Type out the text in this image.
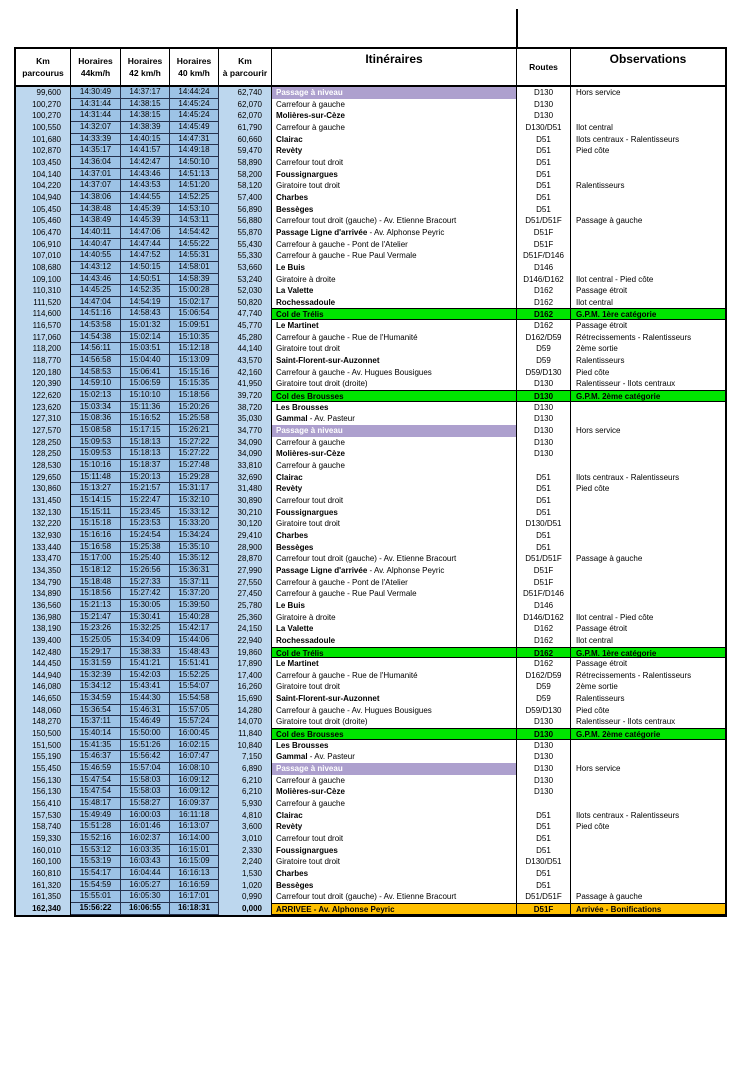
Km
parcourus
Horaires
44km/h
Horaires
42 km/h
Horaires
40 km/h
Km
à parcourir
Itinéraires
Routes
Observations
99,600	14:30:49	14:37:17	14:44:24	62,740	Passage à niveau	D130	Hors service
100,270	14:31:44	14:38:15	14:45:24	62,070	Carrefour à gauche	D130
100,270	14:31:44	14:38:15	14:45:24	62,070	Molières-sur-Cèze	D130
100,550	14:32:07	14:38:39	14:45:49	61,790	Carrefour à gauche	D130/D51	Ilot central
101,680	14:33:39	14:40:15	14:47:31	60,660	Clairac	D51	Ilots centraux - Ralentisseurs
102,870	14:35:17	14:41:57	14:49:18	59,470	Revèty	D51	Pied côte
103,450	14:36:04	14:42:47	14:50:10	58,890	Carrefour tout droit	D51
104,140	14:37:01	14:43:46	14:51:13	58,200	Foussignargues	D51
104,220	14:37:07	14:43:53	14:51:20	58,120	Giratoire tout droit	D51	Ralentisseurs
104,940	14:38:06	14:44:55	14:52:25	57,400	Charbes	D51
105,450	14:38:48	14:45:39	14:53:10	56,890	Bessèges	D51
105,460	14:38:49	14:45:39	14:53:11	56,880	Carrefour tout droit (gauche) - Av. Etienne Bracourt	D51/D51F	Passage à gauche
106,470	14:40:11	14:47:06	14:54:42	55,870	Passage Ligne d'arrivée - Av. Alphonse Peyric	D51F
106,910	14:40:47	14:47:44	14:55:22	55,430	Carrefour à gauche - Pont de l'Atelier	D51F
107,010	14:40:55	14:47:52	14:55:31	55,330	Carrefour à gauche - Rue Paul Vermale	D51F/D146
108,680	14:43:12	14:50:15	14:58:01	53,660	Le Buis	D146
109,100	14:43:46	14:50:51	14:58:39	53,240	Giratoire à droite	D146/D162	Ilot central - Pied côte
110,310	14:45:25	14:52:35	15:00:28	52,030	La Valette	D162	Passage étroit
111,520	14:47:04	14:54:19	15:02:17	50,820	Rochessadoule	D162	Ilot central
114,600	14:51:16	14:58:43	15:06:54	47,740	Col de Trélis	D162	G.P.M. 1ère catégorie
116,570	14:53:58	15:01:32	15:09:51	45,770	Le Martinet	D162	Passage étroit
117,060	14:54:38	15:02:14	15:10:35	45,280	Carrefour à gauche - Rue de l'Humanité	D162/D59	Rétrecissements - Ralentisseurs
118,200	14:56:11	15:03:51	15:12:18	44,140	Giratoire tout droit	D59	2ème sortie
118,770	14:56:58	15:04:40	15:13:09	43,570	Saint-Florent-sur-Auzonnet	D59	Ralentisseurs
120,180	14:58:53	15:06:41	15:15:16	42,160	Carrefour à gauche - Av. Hugues Bousigues	D59/D130	Pied côte
120,390	14:59:10	15:06:59	15:15:35	41,950	Giratoire tout droit (droite)	D130	Ralentisseur - Ilots centraux
122,620	15:02:13	15:10:10	15:18:56	39,720	Col des Brousses	D130	G.P.M. 2ème catégorie
123,620	15:03:34	15:11:36	15:20:26	38,720	Les Brousses	D130
127,310	15:08:36	15:16:52	15:25:58	35,030	Gammal - Av. Pasteur	D130
127,570	15:08:58	15:17:15	15:26:21	34,770	Passage à niveau	D130	Hors service
128,250	15:09:53	15:18:13	15:27:22	34,090	Carrefour à gauche	D130
128,250	15:09:53	15:18:13	15:27:22	34,090	Molières-sur-Cèze	D130
128,530	15:10:16	15:18:37	15:27:48	33,810	Carrefour à gauche
129,650	15:11:48	15:20:13	15:29:28	32,690	Clairac	D51	Ilots centraux - Ralentisseurs
130,860	15:13:27	15:21:57	15:31:17	31,480	Revèty	D51	Pied côte
131,450	15:14:15	15:22:47	15:32:10	30,890	Carrefour tout droit	D51
132,130	15:15:11	15:23:45	15:33:12	30,210	Foussignargues	D51
132,220	15:15:18	15:23:53	15:33:20	30,120	Giratoire tout droit	D130/D51
132,930	15:16:16	15:24:54	15:34:24	29,410	Charbes	D51
133,440	15:16:58	15:25:38	15:35:10	28,900	Bessèges	D51
133,470	15:17:00	15:25:40	15:35:12	28,870	Carrefour tout droit (gauche) - Av. Etienne Bracourt	D51/D51F	Passage à gauche
134,350	15:18:12	15:26:56	15:36:31	27,990	Passage Ligne d'arrivée - Av. Alphonse Peyric	D51F
134,790	15:18:48	15:27:33	15:37:11	27,550	Carrefour à gauche - Pont de l'Atelier	D51F
134,890	15:18:56	15:27:42	15:37:20	27,450	Carrefour à gauche - Rue Paul Vermale	D51F/D146
136,560	15:21:13	15:30:05	15:39:50	25,780	Le Buis	D146
136,980	15:21:47	15:30:41	15:40:28	25,360	Giratoire à droite	D146/D162	Ilot central - Pied côte
138,190	15:23:26	15:32:25	15:42:17	24,150	La Valette	D162	Passage étroit
139,400	15:25:05	15:34:09	15:44:06	22,940	Rochessadoule	D162	Ilot central
142,480	15:29:17	15:38:33	15:48:43	19,860	Col de Trélis	D162	G.P.M. 1ère catégorie
144,450	15:31:59	15:41:21	15:51:41	17,890	Le Martinet	D162	Passage étroit
144,940	15:32:39	15:42:03	15:52:25	17,400	Carrefour à gauche - Rue de l'Humanité	D162/D59	Rétrecissements - Ralentisseurs
146,080	15:34:12	15:43:41	15:54:07	16,260	Giratoire tout droit	D59	2ème sortie
146,650	15:34:59	15:44:30	15:54:58	15,690	Saint-Florent-sur-Auzonnet	D59	Ralentisseurs
148,060	15:36:54	15:46:31	15:57:05	14,280	Carrefour à gauche - Av. Hugues Bousigues	D59/D130	Pied côte
148,270	15:37:11	15:46:49	15:57:24	14,070	Giratoire tout droit (droite)	D130	Ralentisseur - Ilots centraux
150,500	15:40:14	15:50:00	16:00:45	11,840	Col des Brousses	D130	G.P.M. 2ème catégorie
151,500	15:41:35	15:51:26	16:02:15	10,840	Les Brousses	D130
155,190	15:46:37	15:56:42	16:07:47	7,150	Gammal - Av. Pasteur	D130
155,450	15:46:59	15:57:04	16:08:10	6,890	Passage à niveau	D130	Hors service
156,130	15:47:54	15:58:03	16:09:12	6,210	Carrefour à gauche	D130
156,130	15:47:54	15:58:03	16:09:12	6,210	Molières-sur-Cèze	D130
156,410	15:48:17	15:58:27	16:09:37	5,930	Carrefour à gauche
157,530	15:49:49	16:00:03	16:11:18	4,810	Clairac	D51	Ilots centraux - Ralentisseurs
158,740	15:51:28	16:01:46	16:13:07	3,600	Revèty	D51	Pied côte
159,330	15:52:16	16:02:37	16:14:00	3,010	Carrefour tout droit	D51
160,010	15:53:12	16:03:35	16:15:01	2,330	Foussignargues	D51
160,100	15:53:19	16:03:43	16:15:09	2,240	Giratoire tout droit	D130/D51
160,810	15:54:17	16:04:44	16:16:13	1,530	Charbes	D51
161,320	15:54:59	16:05:27	16:16:59	1,020	Bessèges	D51
161,350	15:55:01	16:05:30	16:17:01	0,990	Carrefour tout droit (gauche) - Av. Etienne Bracourt	D51/D51F	Passage à gauche
162,340	15:56:22	16:06:55	16:18:31	0,000	ARRIVEE - Av. Alphonse Peyric	D51F	Arrivée - Bonifications
